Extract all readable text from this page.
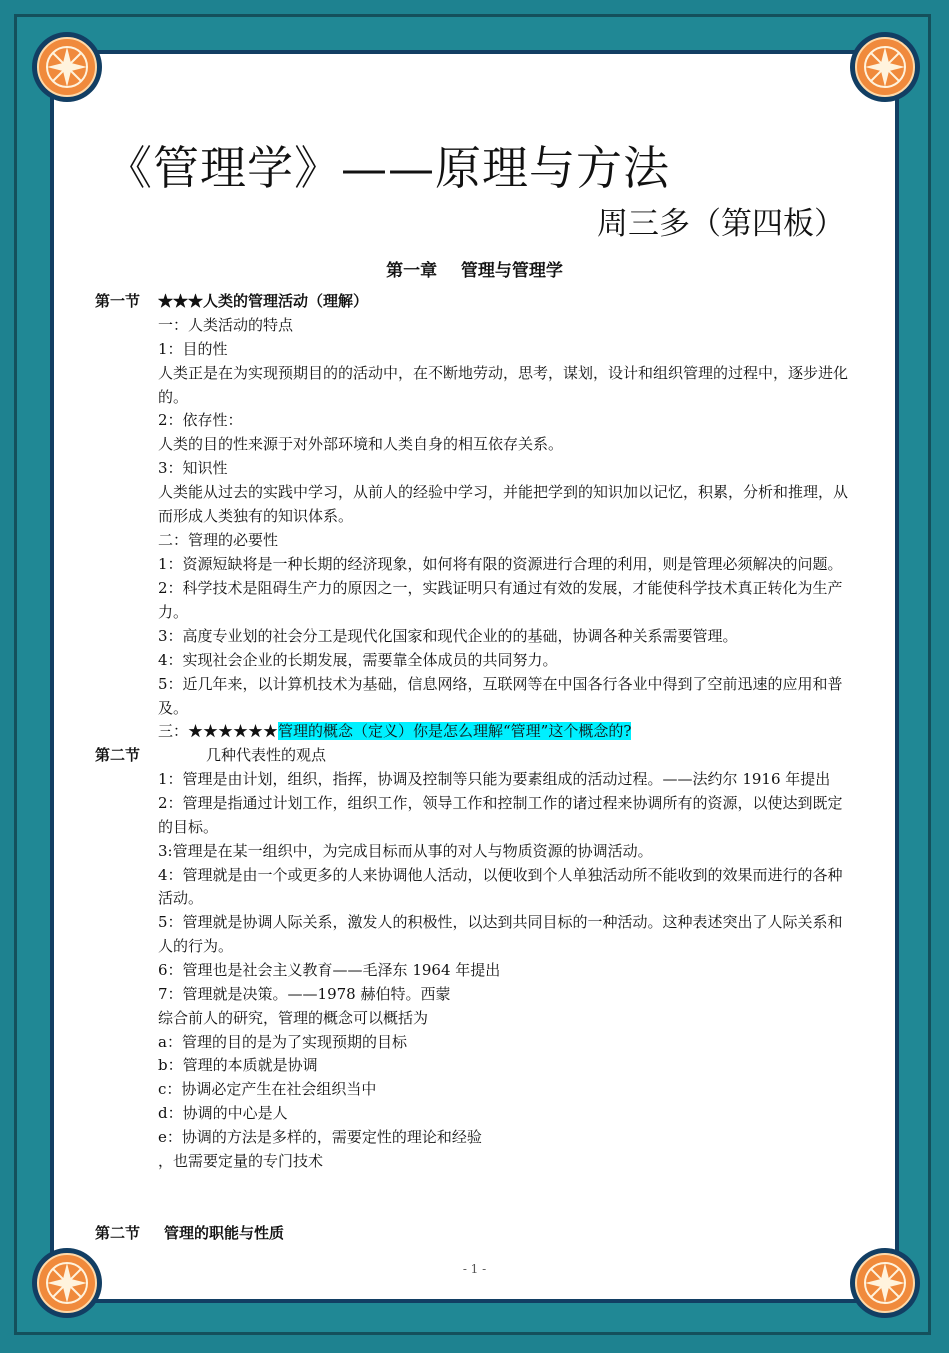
《管理学》——原理与方法
周三多（第四板）
第一章    管理与管理学
第一节 ★★★人类的管理活动（理解）
一：人类活动的特点
1：目的性
人类正是在为实现预期目的的活动中，在不断地劳动，思考，谋划，设计和组织管理的过程中，逐步进化
的。
2：依存性：
人类的目的性来源于对外部环境和人类自身的相互依存关系。
3：知识性
人类能从过去的实践中学习，从前人的经验中学习，并能把学到的知识加以记忆，积累，分析和推理，从
而形成人类独有的知识体系。
二：管理的必要性
1：资源短缺将是一种长期的经济现象，如何将有限的资源进行合理的利用，则是管理必须解决的问题。
2：科学技术是阻碍生产力的原因之一，实践证明只有通过有效的发展，才能使科学技术真正转化为生产
力。
3：高度专业划的社会分工是现代化国家和现代企业的的基础，协调各种关系需要管理。
4：实现社会企业的长期发展，需要靠全体成员的共同努力。
5：近几年来，以计算机技术为基础，信息网络，互联网等在中国各行各业中得到了空前迅速的应用和普
及。
三：★★★★★★管理的概念（定义）你是怎么理解“管理”这个概念的?
第二节	几种代表性的观点
1：管理是由计划，组织，指挥，协调及控制等只能为要素组成的活动过程。——法约尔 1916 年提出
2：管理是指通过计划工作，组织工作，领导工作和控制工作的诸过程来协调所有的资源，以使达到既定
的目标。
3:管理是在某一组织中，为完成目标而从事的对人与物质资源的协调活动。
4：管理就是由一个或更多的人来协调他人活动，以便收到个人单独活动所不能收到的效果而进行的各种
活动。
5：管理就是协调人际关系，激发人的积极性，以达到共同目标的一种活动。这种表述突出了人际关系和
人的行为。
6：管理也是社会主义教育——毛泽东 1964 年提出
7：管理就是决策。——1978 赫伯特。西蒙
综合前人的研究，管理的概念可以概括为
a：管理的目的是为了实现预期的目标
b：管理的本质就是协调
c：协调必定产生在社会组织当中
d：协调的中心是人
e：协调的方法是多样的，需要定性的理论和经验
，也需要定量的专门技术
第二节 管理的职能与性质
- 1 -
